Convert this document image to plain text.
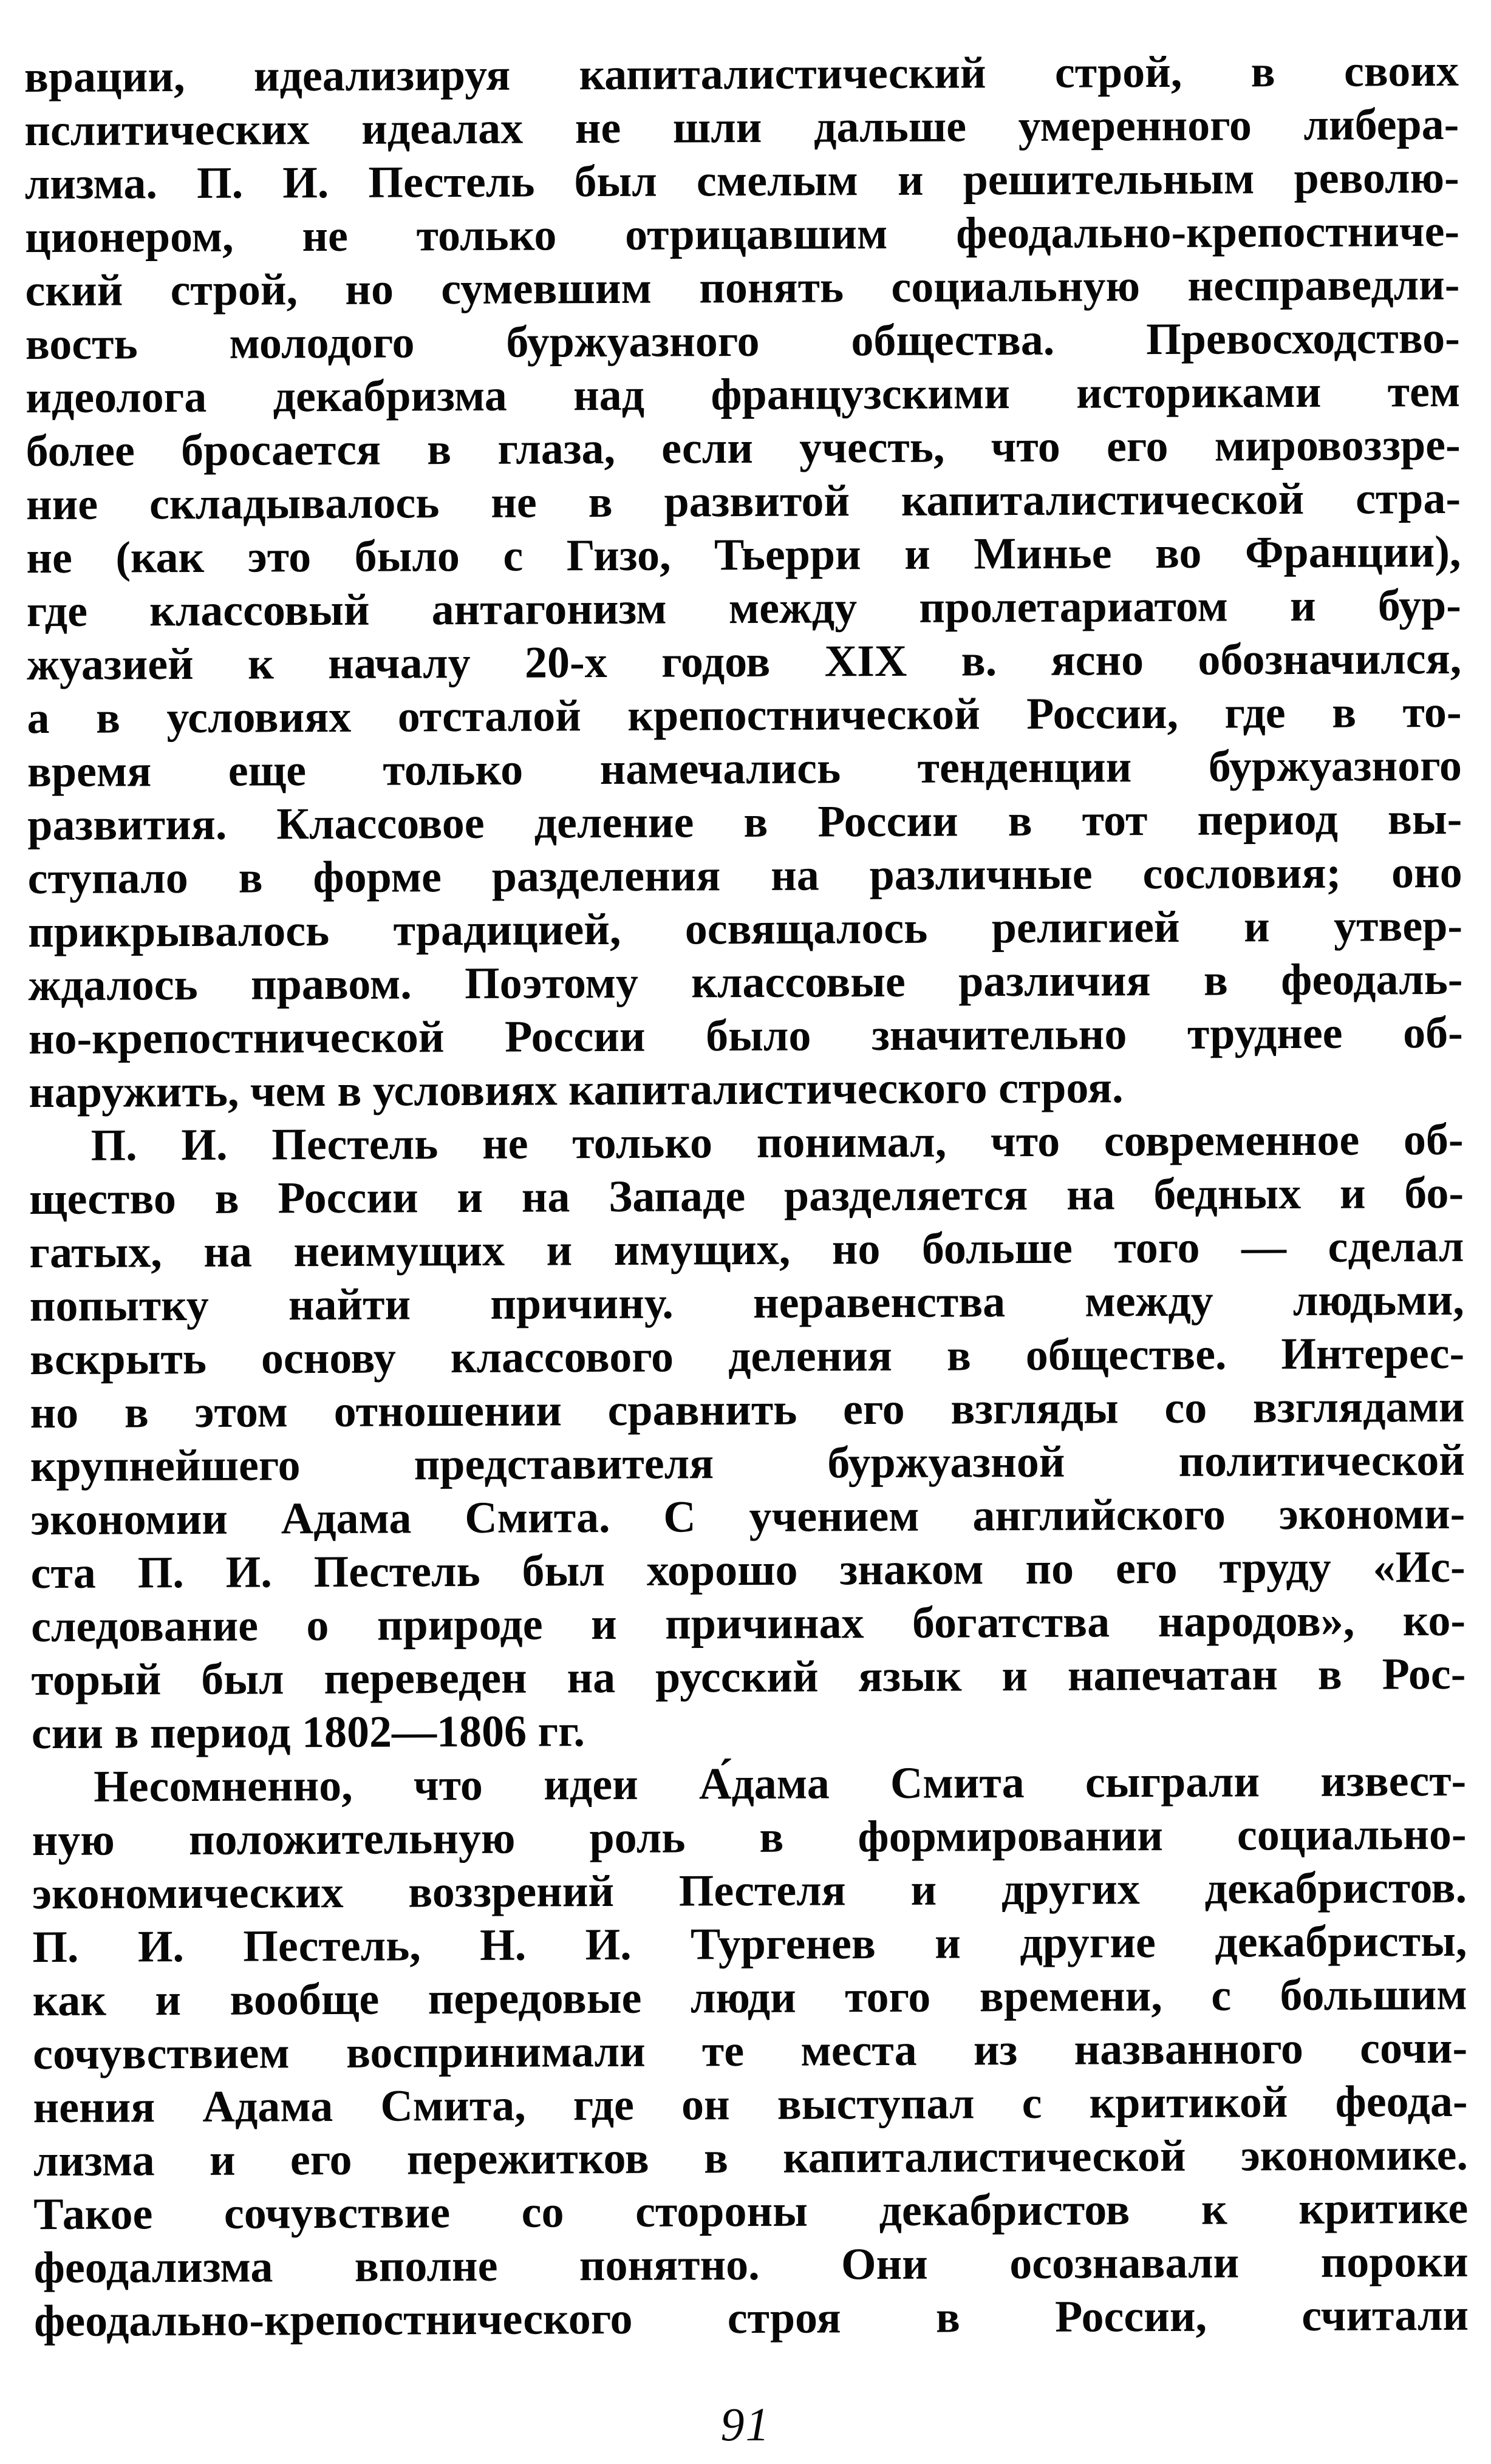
врации, идеализируя капиталистический строй, в своих
пслитических идеалах не шли дальше умеренного либера-
лизма. П. И. Пестель был смелым и решительным револю-
ционером, не только отрицавшим феодально-крепостниче-
ский строй, но сумевшим понять социальную несправедли-
вость молодого буржуазного общества. Превосходство-
идеолога декабризма над французскими историками тем
более бросается в глаза, если учесть, что его мировоззре-
ние складывалось не в развитой капиталистической стра-
не (как это было с Гизо, Тьерри и Минье во Франции),
где классовый антагонизм между пролетариатом и бур-
жуазией к началу 20-х годов XIX в. ясно обозначился,
а в условиях отсталой крепостнической России, где в то-
время еще только намечались тенденции буржуазного
развития. Классовое деление в России в тот период вы-
ступало в форме разделения на различные сословия; оно
прикрывалось традицией, освящалось религией и утвер-
ждалось правом. Поэтому классовые различия в феодаль-
но-крепостнической России было значительно труднее об-
наружить, чем в условиях капиталистического строя.
П. И. Пестель не только понимал, что современное об-
щество в России и на Западе разделяется на бедных и бо-
гатых, на неимущих и имущих, но больше того — сделал
попытку найти причину. неравенства между людьми,
вскрыть основу классового деления в обществе. Интерес-
но в этом отношении сравнить его взгляды со взглядами
крупнейшего представителя буржуазной политической
экономии Адама Смита. С учением английского экономи-
ста П. И. Пестель был хорошо знаком по его труду «Ис-
следование о природе и причинах богатства народов», ко-
торый был переведен на русский язык и напечатан в Рос-
сии в период 1802—1806 гг.
Несомненно, что идеи А́дама Смита сыграли извест-
ную положительную роль в формировании социально-
экономических воззрений Пестеля и других декабристов.
П. И. Пестель, Н. И. Тургенев и другие декабристы,
как и вообще передовые люди того времени, с большим
сочувствием воспринимали те места из названного сочи-
нения Адама Смита, где он выступал с критикой феода-
лизма и его пережитков в капиталистической экономике.
Такое сочувствие со стороны декабристов к критике
феодализма вполне понятно. Они осознавали пороки
феодально-крепостнического строя в России, считали
91
